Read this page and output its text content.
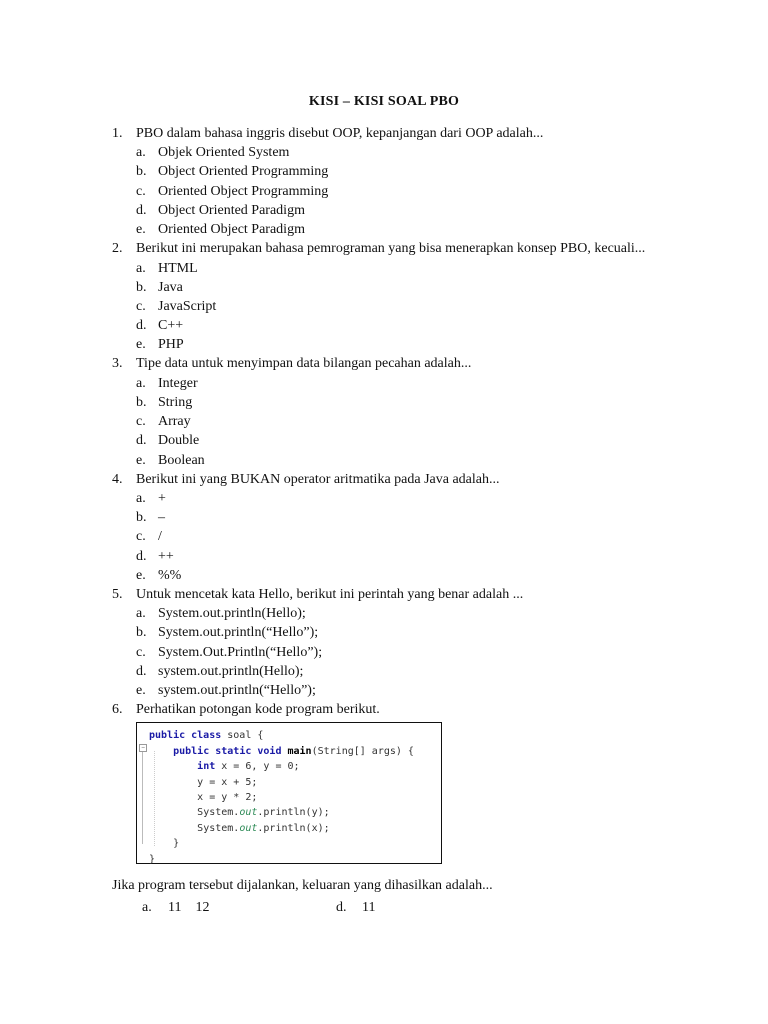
KISI – KISI SOAL PBO
1. PBO dalam bahasa inggris disebut OOP, kepanjangan dari OOP adalah...
a. Objek Oriented System
b. Object Oriented Programming
c. Oriented Object Programming
d. Object Oriented Paradigm
e. Oriented Object Paradigm
2. Berikut ini merupakan bahasa pemrograman yang bisa menerapkan konsep PBO, kecuali...
a. HTML
b. Java
c. JavaScript
d. C++
e. PHP
3. Tipe data untuk menyimpan data bilangan pecahan adalah...
a. Integer
b. String
c. Array
d. Double
e. Boolean
4. Berikut ini yang BUKAN operator aritmatika pada Java adalah...
a. +
b. –
c. /
d. ++
e. %%
5. Untuk mencetak kata Hello, berikut ini perintah yang benar adalah ...
a. System.out.println(Hello);
b. System.out.println(“Hello”);
c. System.Out.Println(“Hello”);
d. system.out.println(Hello);
e. system.out.println(“Hello”);
6. Perhatikan potongan kode program berikut.
−
public class soal {
public static void main(String[] args) {
int x = 6, y = 0;
y = x + 5;
x = y * 2;
System.out.println(y);
System.out.println(x);
}
}
Jika program tersebut dijalankan, keluaran yang dihasilkan adalah...
a. 11    12	d. 11
